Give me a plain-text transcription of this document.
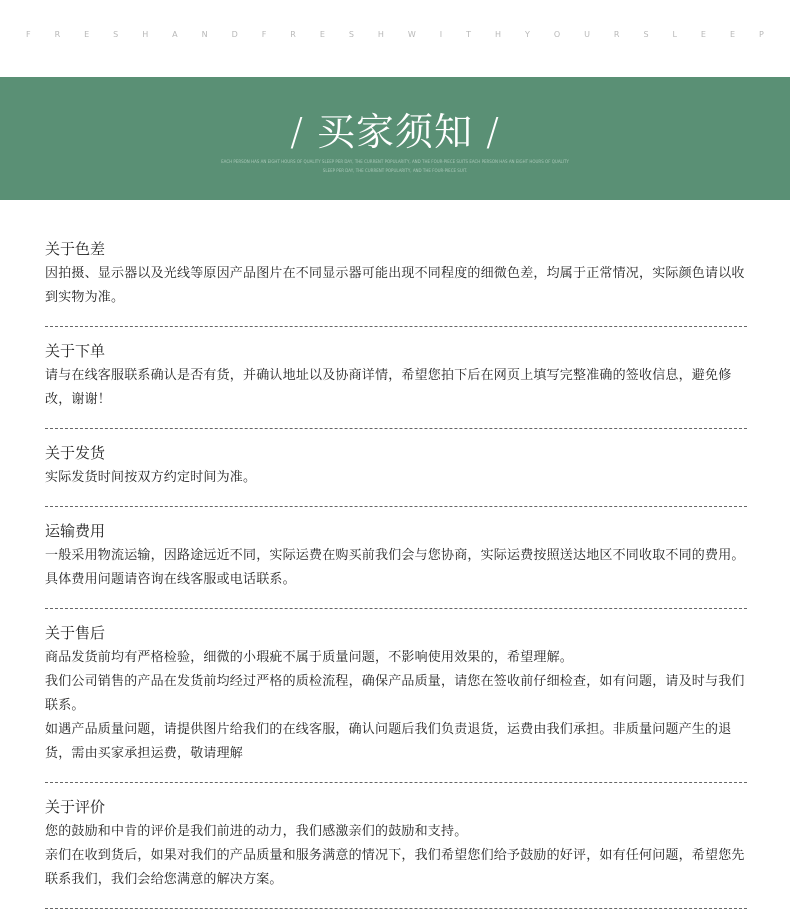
F	R	E	S	H	A	N	D	F	R	E	S	H	W	I	T	H	Y	O	U	R	S	L	E	E	P
/ 买家须知 /
EACH PERSON HAS AN EIGHT HOURS OF QUALITY SLEEP PER DAY, THE CURRENT POPULARITY, AND THE FOUR-PIECE SUITS EACH PERSON HAS AN EIGHT HOURS OF QUALITY SLEEP PER DAY, THE CURRENT POPULARITY, AND THE FOUR-PIECE SUIT.
关于色差

因拍摄、显示器以及光线等原因产品图片在不同显示器可能出现不同程度的细微色差，均属于正常情况，实际颜色请以收到实物为准。

关于下单

请与在线客服联系确认是否有货，并确认地址以及协商详情，希望您拍下后在网页上填写完整准确的签收信息，避免修改，谢谢！

关于发货

实际发货时间按双方约定时间为准。

运输费用

一般采用物流运输，因路途远近不同，实际运费在购买前我们会与您协商，实际运费按照送达地区不同收取不同的费用。具体费用问题请咨询在线客服或电话联系。

关于售后

商品发货前均有严格检验，细微的小瑕疵不属于质量问题，不影响使用效果的，希望理解。

我们公司销售的产品在发货前均经过严格的质检流程，确保产品质量，请您在签收前仔细检查，如有问题，请及时与我们联系。

如遇产品质量问题，请提供图片给我们的在线客服，确认问题后我们负责退货，运费由我们承担。非质量问题产生的退货，需由买家承担运费，敬请理解

关于评价

您的鼓励和中肯的评价是我们前进的动力，我们感激亲们的鼓励和支持。

亲们在收到货后，如果对我们的产品质量和服务满意的情况下，我们希望您们给予鼓励的好评，如有任何问题，希望您先联系我们，我们会给您满意的解决方案。
